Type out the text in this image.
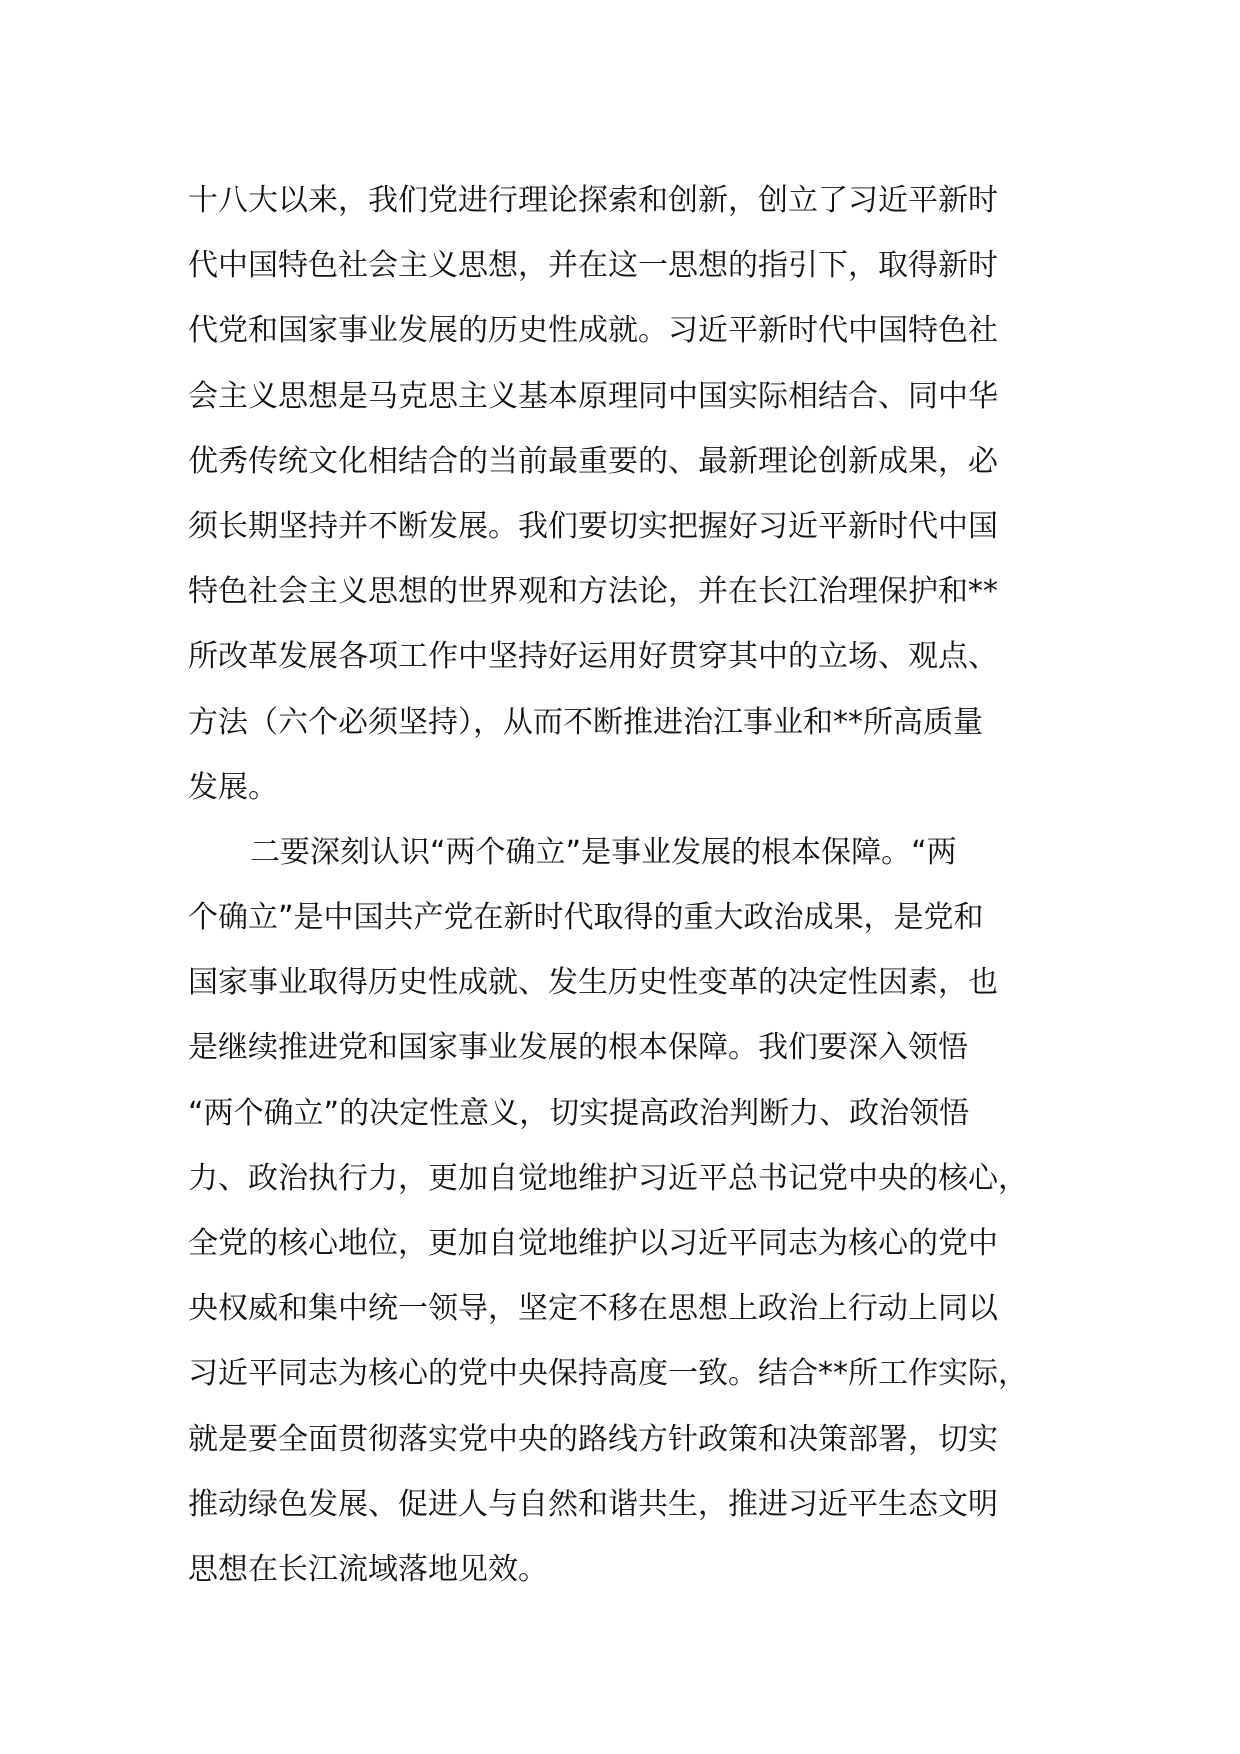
十八大以来，我们党进行理论探索和创新，创立了习近平新时
代中国特色社会主义思想，并在这一思想的指引下，取得新时
代党和国家事业发展的历史性成就。习近平新时代中国特色社
会主义思想是马克思主义基本原理同中国实际相结合、同中华
优秀传统文化相结合的当前最重要的、最新理论创新成果，必
须长期坚持并不断发展。我们要切实把握好习近平新时代中国
特色社会主义思想的世界观和方法论，并在长江治理保护和**
所改革发展各项工作中坚持好运用好贯穿其中的立场、观点、
方法（六个必须坚持），从而不断推进治江事业和**所高质量
发展。
二要深刻认识“两个确立”是事业发展的根本保障。“两
个确立”是中国共产党在新时代取得的重大政治成果，是党和
国家事业取得历史性成就、发生历史性变革的决定性因素，也
是继续推进党和国家事业发展的根本保障。我们要深入领悟
“两个确立”的决定性意义，切实提高政治判断力、政治领悟
力、政治执行力，更加自觉地维护习近平总书记党中央的核心，
全党的核心地位，更加自觉地维护以习近平同志为核心的党中
央权威和集中统一领导，坚定不移在思想上政治上行动上同以
习近平同志为核心的党中央保持高度一致。结合**所工作实际，
就是要全面贯彻落实党中央的路线方针政策和决策部署，切实
推动绿色发展、促进人与自然和谐共生，推进习近平生态文明
思想在长江流域落地见效。
